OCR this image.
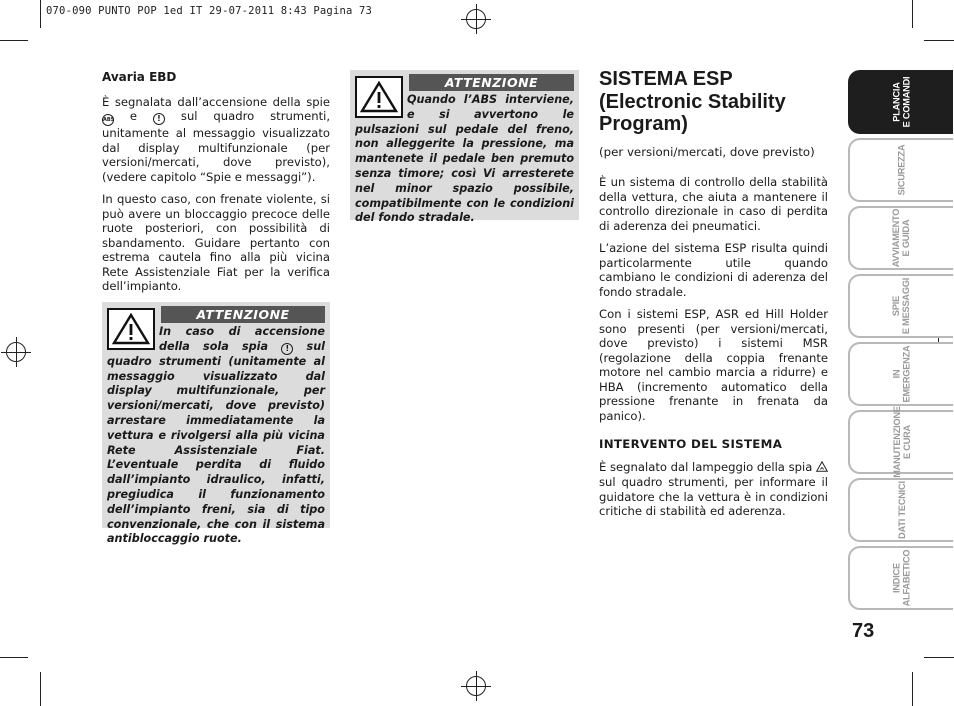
070-090 PUNTO POP 1ed IT 29-07-2011 8:43 Pagina 73
Avaria EBD

È segnalata dall’accensione della spie ABS e	! sul quadro strumenti, unitamente al messaggio visualizzato dal display multifunzionale (per versioni/mercati, dove previsto), (vedere capitolo “Spie e messaggi”).

In questo caso, con frenate violente, si può avere un bloccaggio precoce delle ruote posteriori, con possibilità di sbandamento. Guidare pertanto con estrema cautela fino alla più vicina Rete Assistenziale Fiat per la verifica dell’impianto.

ATTENZIONE
In caso di accensione della sola spia ! sul quadro strumenti (unitamente al messaggio visualizzato dal display multifunzionale, per versioni/mercati, dove previsto) arrestare immediatamente la vettura e rivolgersi alla più vicina Rete Assistenziale Fiat. L’eventuale perdita di fluido dall’impianto idraulico, infatti, pregiudica il funzionamento dell’impianto freni, sia di tipo convenzionale, che con il sistema antibloccaggio ruote.
ATTENZIONE
Quando l’ABS interviene, e si avvertono le pulsazioni sul pedale del freno, non alleggerite la pressione, ma mantenete il pedale ben premuto senza timore; così Vi arresterete nel minor spazio possibile, compatibilmente con le condizioni del fondo stradale.
SISTEMA ESP
(Electronic Stability
Program)
(per versioni/mercati, dove previsto)

È un sistema di controllo della stabilità della vettura, che aiuta a mantenere il controllo direzionale in caso di perdita di aderenza dei pneumatici.

L’azione del sistema ESP risulta quindi particolarmente utile quando cambiano le condizioni di aderenza del fondo stradale.

Con i sistemi ESP, ASR ed Hill Holder sono presenti (per versioni/mercati, dove previsto) i sistemi MSR (regolazione della coppia frenante motore nel cambio marcia a ridurre) e HBA (incremento automatico della pressione frenante in frenata da panico).

INTERVENTO DEL SISTEMA

È segnalato dal lampeggio della spia  sul quadro strumenti, per informare il guidatore che la vettura è in condizioni critiche di stabilità ed aderenza.

PLANCIA
E COMANDI
SICUREZZA
AVVIAMENTO
E GUIDA
SPIE
E MESSAGGI
IN
EMERGENZA
MANUTENZIONE
E CURA
DATI TECNICI
INDICE
ALFABETICO
73
